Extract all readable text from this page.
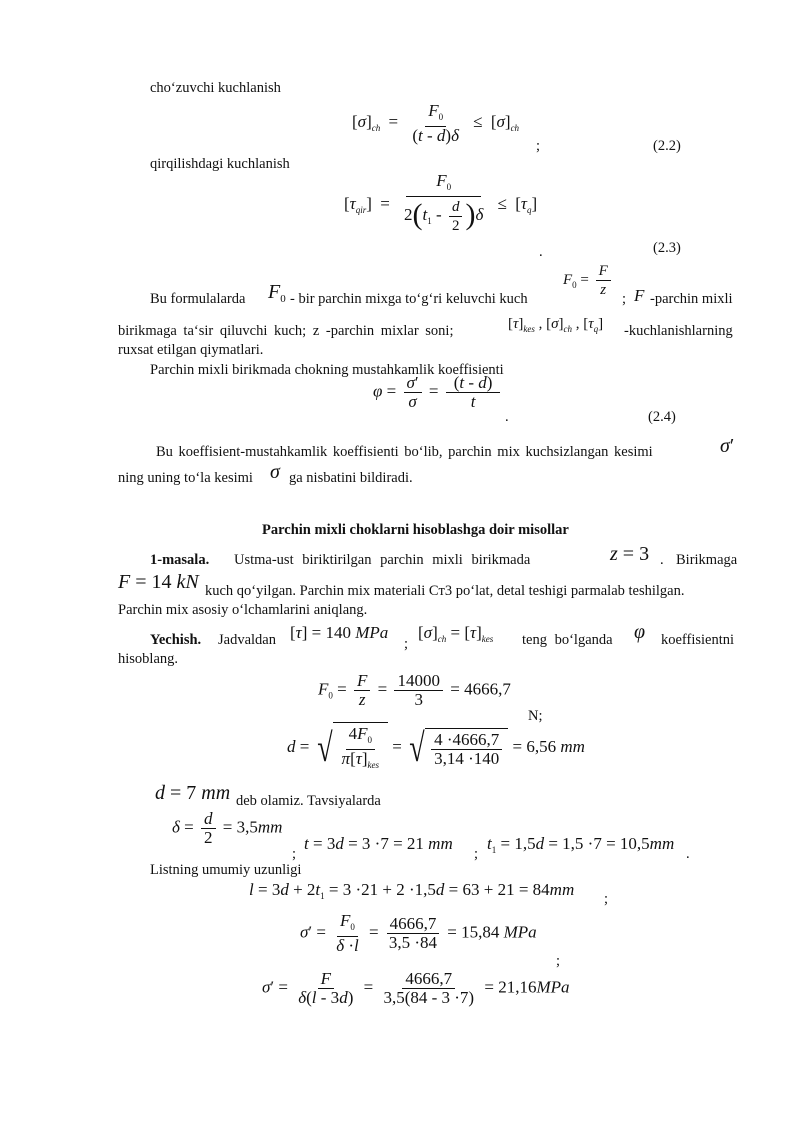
cho‘zuvchi kuchlanish
$[\sigma]_{ch} = \frac{F_0}{(t - d)\delta} \le [\sigma]_{ch}$
;	(2.2)
qirqilishdagi kuchlanish
$[\tau_{qir}] = \frac{F_0}{2(t_1 - \frac{d}{2} )\delta} \le [\tau_q]$
.	(2.3)
Bu formulalarda $F_0$ - bir parchin mixga to‘g‘ri keluvchi kuch
$F_0 = \frac{F}{z}$ ; F -parchin mixli
birikmaga ta‘sir qiluvchi kuch; z -parchin mixlar soni;	$[\tau]_{kes}$ , $[\sigma]_{ch}$ , $[\tau_q]$ -kuchlanishlarning
ruxsat etilgan qiymatlari.
Parchin mixli birikmada chokning mustahkamlik koeffisienti
$\varphi = \frac{\sigma'}{\sigma} = \frac{(t - d)}{t}$
.	(2.4)
Bu koeffisient-mustahkamlik koeffisienti bo‘lib, parchin mix kuchsizlangan kesimi	σ′
ning uning to‘la kesimi σ ga nisbatini bildiradi.
Parchin mixli choklarni hisoblashga doir misollar
1-masala. Ustma-ust biriktirilgan parchin mixli birikmada	z = 3 . Birikmaga
F = 14 kN kuch qo‘yilgan. Parchin mix materiali Cт3 po‘lat, detal teshigi parmalab teshilgan.
Parchin mix asosiy o‘lchamlarini aniqlang.
Yechish. Jadvaldan [τ] = 140 MPa
;
$[\sigma]_{ch} = [\tau]_{kes}$ teng bo‘lganda φ koeffisientni
hisoblang.
$F_0 = \frac{F}{z} = \frac{14000}{3} = 4666,7$
N;
d = √ $\frac{4F_0}{\pi[\tau]_{kes}}$ = √ $\frac{4 \cdot 4666,7}{3,14 \cdot 140} = 6,56$ mm
d = 7 mm deb olamiz. Tavsiyalarda
$\delta = \frac{d}{2} = 3,5mm$
;
t = 3d = 3 ·7 = 21 mm
;
$t_1 = 1,5d = 1,5 \cdot 7 = 10,5mm$
.
Listning umumiy uzunligi
$l = 3d + 2t_1 = 3 \cdot 21 + 2 \cdot 1,5d = 63 + 21 = 84mm$ ;
$\sigma' = \frac{F_0}{\delta \cdot l} = \frac{4666,7}{3,5 \cdot 84} = 15,84$ MPa
;
$\sigma' = \frac{F}{\delta(l - 3d)} = \frac{4666,7}{3,5(84 - 3 \cdot 7)} = 21,16MPa$
